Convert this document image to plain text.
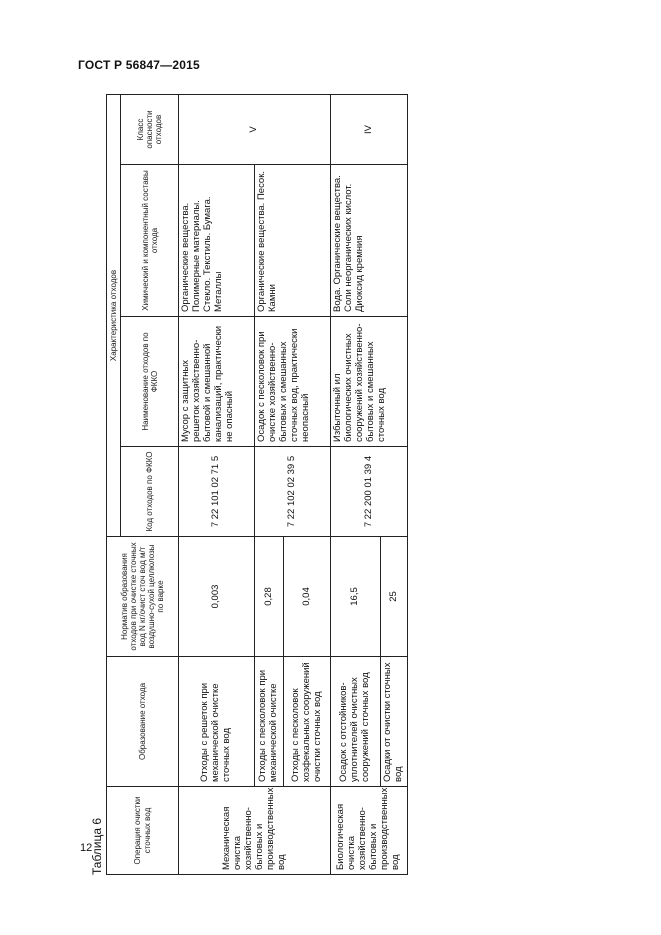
ГОСТ Р 56847—2015
Таблица 6	Операция очистки сточных вод	Образование отхода	Норматив образования отходов при очистке сточных вод N кг/очист сточ вод м/т воздушно-сухой целлюлозы по варке	Характеристика отходов			
			Код отходов по ФККО	Наименование отходов по ФККО	Химический и компонентный составы отхода	Класс опасности отходов
Механическая очистка хозяйственно-бытовых и производственных вод	Отходы с решеток при механической очистке сточных вод	0,003	7 22 101 02 71 5	Мусор с защитных решеток хозяйственно-бытовой и смешанной канализаций, практически не опасный	Органические вещества. Полимерные материалы. Стекло. Текстиль. Бумага. Металлы	V
	Отходы с песколовок при механической очистке	0,28	7 22 102 02 39 5	Осадок с песколовок при очистке хозяйственно-бытовых и смешанных сточных вод, практически неопасный	Органические вещества. Песок. Камни	
	Отходы с песколовок хозфекальных сооружений очистки сточных вод	0,04				
Биологическая очистка хозяйственно-бытовых и производственных вод	Осадок с отстойников-уплотнителей очистных сооружений сточных вод	16,5	7 22 200 01 39 4	Избыточный ил биологических очистных сооружений хозяйственно-бытовых и смешанных сточных вод	Вода. Органические вещества. Соли неорганических кислот. Диоксид кремния	IV
	Осадки от очистки сточных вод	25				
12
